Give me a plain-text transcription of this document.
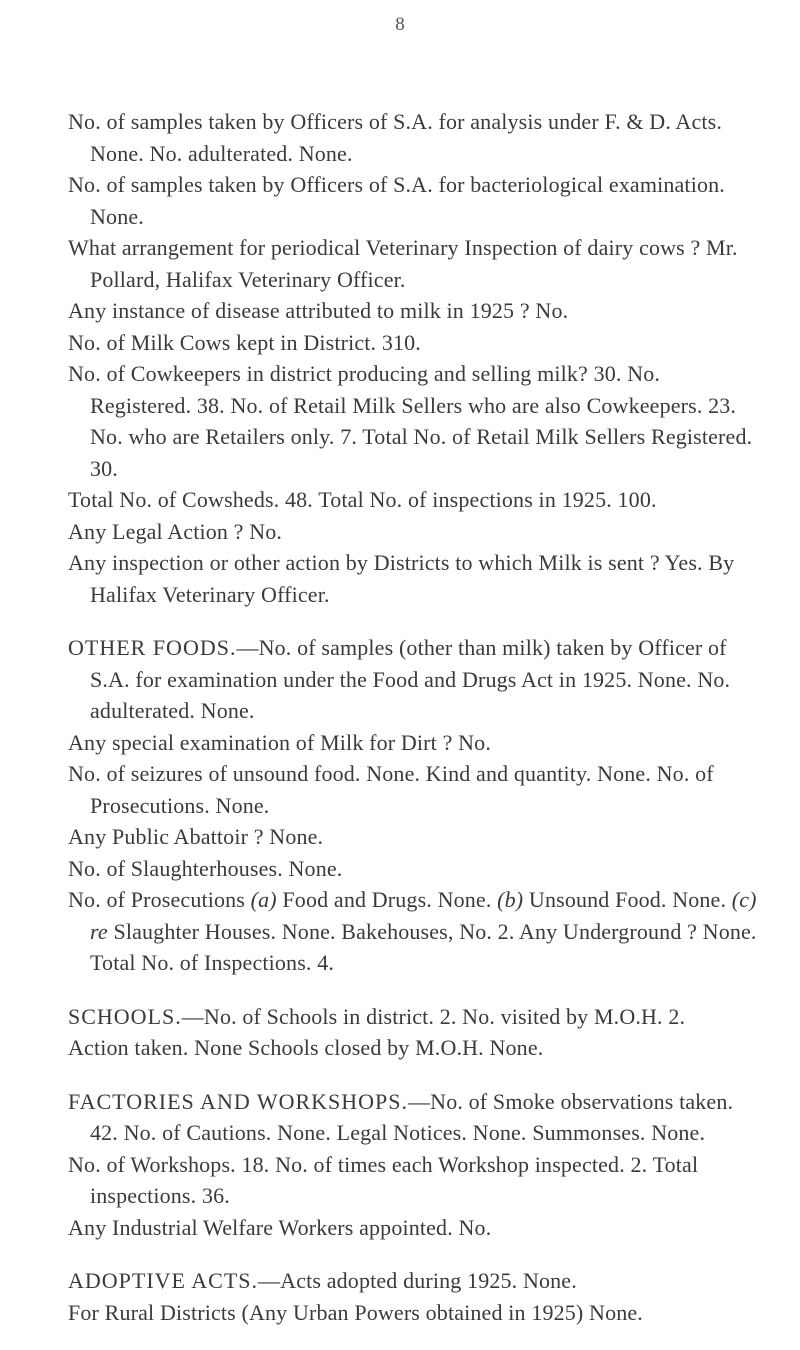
8

No. of samples taken by Officers of S.A. for analysis under F. & D. Acts. None. No. adulterated. None.

No. of samples taken by Officers of S.A. for bacteriological examination. None.

What arrangement for periodical Veterinary Inspection of dairy cows ? Mr. Pollard, Halifax Veterinary Officer.

Any instance of disease attributed to milk in 1925 ? No.

No. of Milk Cows kept in District. 310.

No. of Cowkeepers in district producing and selling milk? 30. No. Registered. 38. No. of Retail Milk Sellers who are also Cowkeepers. 23. No. who are Retailers only. 7. Total No. of Retail Milk Sellers Registered. 30.

Total No. of Cowsheds. 48. Total No. of inspections in 1925. 100.

Any Legal Action ? No.

Any inspection or other action by Districts to which Milk is sent ? Yes. By Halifax Veterinary Officer.

OTHER FOODS.—No. of samples (other than milk) taken by Officer of S.A. for examination under the Food and Drugs Act in 1925. None. No. adulterated. None.

Any special examination of Milk for Dirt ? No.

No. of seizures of unsound food. None. Kind and quantity. None. No. of Prosecutions. None.

Any Public Abattoir ? None.

No. of Slaughterhouses. None.

No. of Prosecutions (a) Food and Drugs. None. (b) Unsound Food. None. (c) re Slaughter Houses. None. Bakehouses, No. 2. Any Underground ? None. Total No. of Inspections. 4.

SCHOOLS.—No. of Schools in district. 2. No. visited by M.O.H. 2.

Action taken. None Schools closed by M.O.H. None.

FACTORIES AND WORKSHOPS.—No. of Smoke observations taken. 42. No. of Cautions. None. Legal Notices. None. Summonses. None.

No. of Workshops. 18. No. of times each Workshop inspected. 2. Total inspections. 36.

Any Industrial Welfare Workers appointed. No.

ADOPTIVE ACTS.—Acts adopted during 1925. None.

For Rural Districts (Any Urban Powers obtained in 1925) None.
